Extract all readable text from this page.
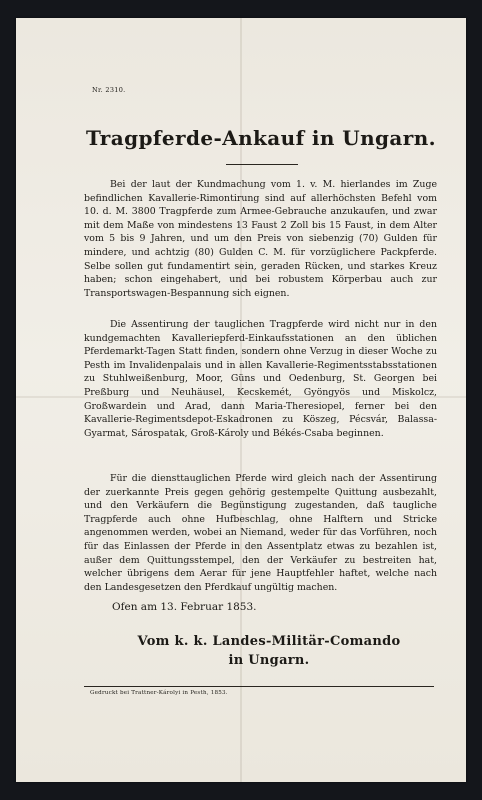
Nr. 2310.
Tragpferde-Ankauf in Ungarn.

Bei der laut der Kundmachung vom 1. v. M. hierlandes im Zuge befindlichen Kavallerie-Rimontirung sind auf allerhöchsten Befehl vom 10. d. M. 3800 Tragpferde zum Armee-Gebrauche anzukaufen, und zwar mit dem Maße von mindestens 13 Faust 2 Zoll bis 15 Faust, in dem Alter vom 5 bis 9 Jahren, und um den Preis von siebenzig (70) Gulden für mindere, und achtzig (80) Gulden C. M. für vorzüglichere Packpferde. Selbe sollen gut fundamentirt sein, geraden Rücken, und starkes Kreuz haben; schon eingehabert, und bei robustem Körperbau auch zur Transportswagen-Bespannung sich eignen.

Die Assentirung der tauglichen Tragpferde wird nicht nur in den kundgemachten Kavalleriepferd-Einkaufsstationen an den üblichen Pferdemarkt-Tagen Statt finden, sondern ohne Verzug in dieser Woche zu Pesth im Invalidenpalais und in allen Kavallerie-Regimentsstabsstationen zu Stuhlweißenburg, Moor, Güns und Oedenburg, St. Georgen bei Preßburg und Neuhäusel, Kecskemét, Gyöngyös und Miskolcz, Großwardein und Arad, dann Maria-Theresiopel, ferner bei den Kavallerie-Regimentsdepot-Eskadronen zu Köszeg, Pécsvár, Balassa-Gyarmat, Sárospatak, Groß-Károly und Békés-Csaba beginnen.

Für die diensttauglichen Pferde wird gleich nach der Assentirung der zuerkannte Preis gegen gehörig gestempelte Quittung ausbezahlt, und den Verkäufern die Begünstigung zugestanden, daß taugliche Tragpferde auch ohne Hufbeschlag, ohne Halftern und Stricke angenommen werden, wobei an Niemand, weder für das Vorführen, noch für das Einlassen der Pferde in den Assentplatz etwas zu bezahlen ist, außer dem Quittungsstempel, den der Verkäufer zu bestreiten hat, welcher übrigens dem Aerar für jene Hauptfehler haftet, welche nach den Landesgesetzen den Pferdkauf ungültig machen.

Ofen am 13. Februar 1853.
Vom k. k. Landes-Militär-Comando
in Ungarn.
Gedruckt bei Trattner-Károlyi in Pesth, 1853.
